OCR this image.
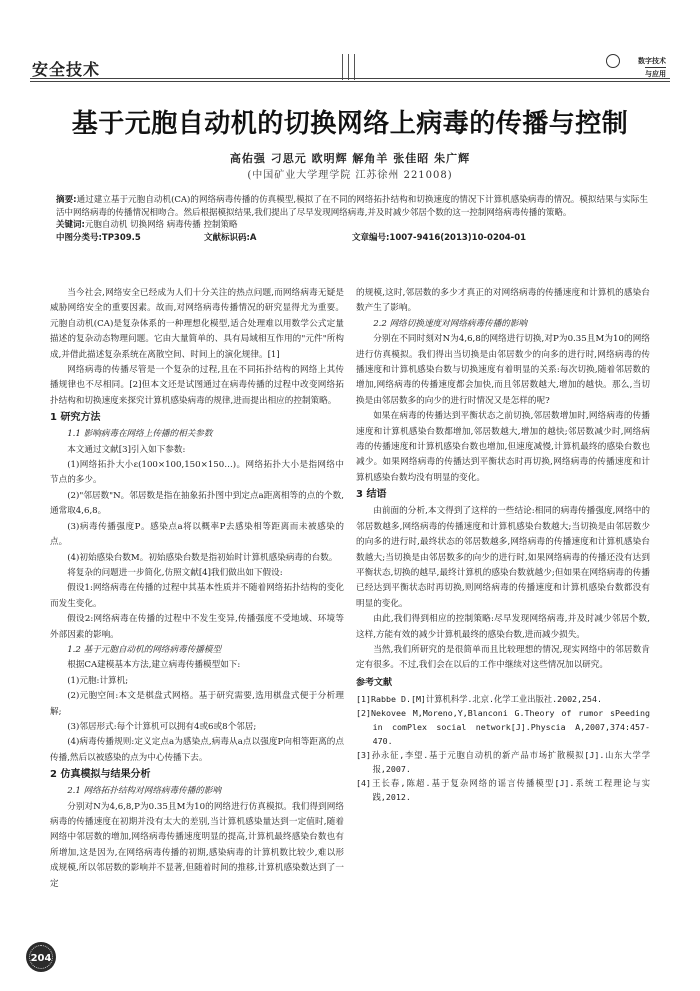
安全技术	数字技术
与应用
基于元胞自动机的切换网络上病毒的传播与控制
高佑强 刁思元 欧明辉 解角羊 张佳昭 朱广辉
(中国矿业大学理学院 江苏徐州 221008)
摘要:通过建立基于元胞自动机(CA)的网络病毒传播的仿真模型,模拟了在不同的网络拓扑结构和切换速度的情况下计算机感染病毒的情况。模拟结果与实际生活中网络病毒的传播情况相吻合。然后根据模拟结果,我们提出了尽早发现网络病毒,并及时减少邻居个数的这一控制网络病毒传播的策略。
关键词:元胞自动机 切换网络 病毒传播 控制策略
中图分类号:TP309.5	文献标识码:A	文章编号:1007-9416(2013)10-0204-01

当今社会,网络安全已经成为人们十分关注的热点问题,而网络病毒无疑是威胁网络安全的重要因素。故而,对网络病毒传播情况的研究显得尤为重要。元胞自动机(CA)是复杂体系的一种理想化模型,适合处理难以用数学公式定量描述的复杂动态物理问题。它由大量简单的、具有局域相互作用的"元件"所构成,并借此描述复杂系统在离散空间、时间上的演化规律。[1]

网络病毒的传播尽管是一个复杂的过程,且在不同拓扑结构的网络上其传播规律也不尽相同。[2]但本文还是试图通过在病毒传播的过程中改变网络拓扑结构和切换速度来探究计算机感染病毒的规律,进而提出相应的控制策略。

1 研究方法
1.1 影响病毒在网络上传播的相关参数

本文通过文献[3]引入如下参数:

(1)网络拓扑大小ε(100×100,150×150…)。网络拓扑大小是指网络中节点的多少。

(2)"邻居数"N。邻居数是指在抽象拓扑图中到定点a距离相等的点的个数,通常取4,6,8。

(3)病毒传播强度P。感染点a将以概率P去感染相等距离而未被感染的点。

(4)初始感染台数M。初始感染台数是指初始时计算机感染病毒的台数。

将复杂的问题进一步简化,仿照文献[4]我们做出如下假设:

假设1:网络病毒在传播的过程中其基本性质并不随着网络拓扑结构的变化而发生变化。

假设2:网络病毒在传播的过程中不发生变异,传播强度不受地域、环境等外部因素的影响。

1.2 基于元胞自动机的网络病毒传播模型

根据CA建模基本方法,建立病毒传播模型如下:

(1)元胞:计算机;

(2)元胞空间:本文是棋盘式网格。基于研究需要,选用棋盘式便于分析理解;

(3)邻居形式:每个计算机可以拥有4或6或8个邻居;

(4)病毒传播规则:定义定点a为感染点,病毒从a点以强度P向相等距离的点传播,然后以被感染的点为中心传播下去。

2 仿真模拟与结果分析
2.1 网络拓扑结构对网络病毒传播的影响

分别对N为4,6,8,P为0.35且M为10的网络进行仿真模拟。我们得到网络病毒的传播速度在初期并没有太大的差别,当计算机感染量达到一定值时,随着网络中邻居数的增加,网络病毒传播速度明显的提高,计算机最终感染台数也有所增加,这是因为,在网络病毒传播的初期,感染病毒的计算机数比较少,难以形成规模,所以邻居数的影响并不显著,但随着时间的推移,计算机感染数达到了一定

的规模,这时,邻居数的多少才真正的对网络病毒的传播速度和计算机的感染台数产生了影响。

2.2 网络切换速度对网络病毒传播的影响

分别在不同时刻对N为4,6,8的网络进行切换,对P为0.35且M为10的网络进行仿真模拟。我们得出当切换是由邻居数少的向多的进行时,网络病毒的传播速度和计算机感染台数与切换速度有着明显的关系:每次切换,随着邻居数的增加,网络病毒的传播速度都会加快,而且邻居数越大,增加的越快。那么,当切换是由邻居数多的向少的进行时情况又是怎样的呢?

如果在病毒的传播达到平衡状态之前切换,邻居数增加时,网络病毒的传播速度和计算机感染台数都增加,邻居数越大,增加的越快;邻居数减少时,网络病毒的传播速度和计算机感染台数也增加,但速度减慢,计算机最终的感染台数也减少。如果网络病毒的传播达到平衡状态时再切换,网络病毒的传播速度和计算机感染台数均没有明显的变化。

3 结语

由前面的分析,本文得到了这样的一些结论:相同的病毒传播强度,网络中的邻居数越多,网络病毒的传播速度和计算机感染台数越大;当切换是由邻居数少的向多的进行时,最终状态的邻居数越多,网络病毒的传播速度和计算机感染台数越大;当切换是由邻居数多的向少的进行时,如果网络病毒的传播还没有达到平衡状态,切换的越早,最终计算机的感染台数就越少;但如果在网络病毒的传播已经达到平衡状态时再切换,则网络病毒的传播速度和计算机感染台数都没有明显的变化。

由此,我们得到相应的控制策略:尽早发现网络病毒,并及时减少邻居个数,这样,方能有效的减少计算机最终的感染台数,进而减少损失。

当然,我们所研究的是很简单而且比较理想的情况,现实网络中的邻居数肯定有很多。不过,我们会在以后的工作中继续对这些情况加以研究。

参考文献
[1]Rabbe D.[M]计算机科学.北京.化学工业出版社.2002,254.
[2]Nekovee M,Moreno,Y,Blanconi G.Theory of rumor sPeeding in comPlex social network[J].Physcia A,2007,374:457-470.
[3]孙永征,李望.基于元胞自动机的新产品市场扩散模拟[J].山东大学学报,2007.
[4]王长春,陈超.基于复杂网络的谣言传播模型[J].系统工程理论与实践,2012.
204
